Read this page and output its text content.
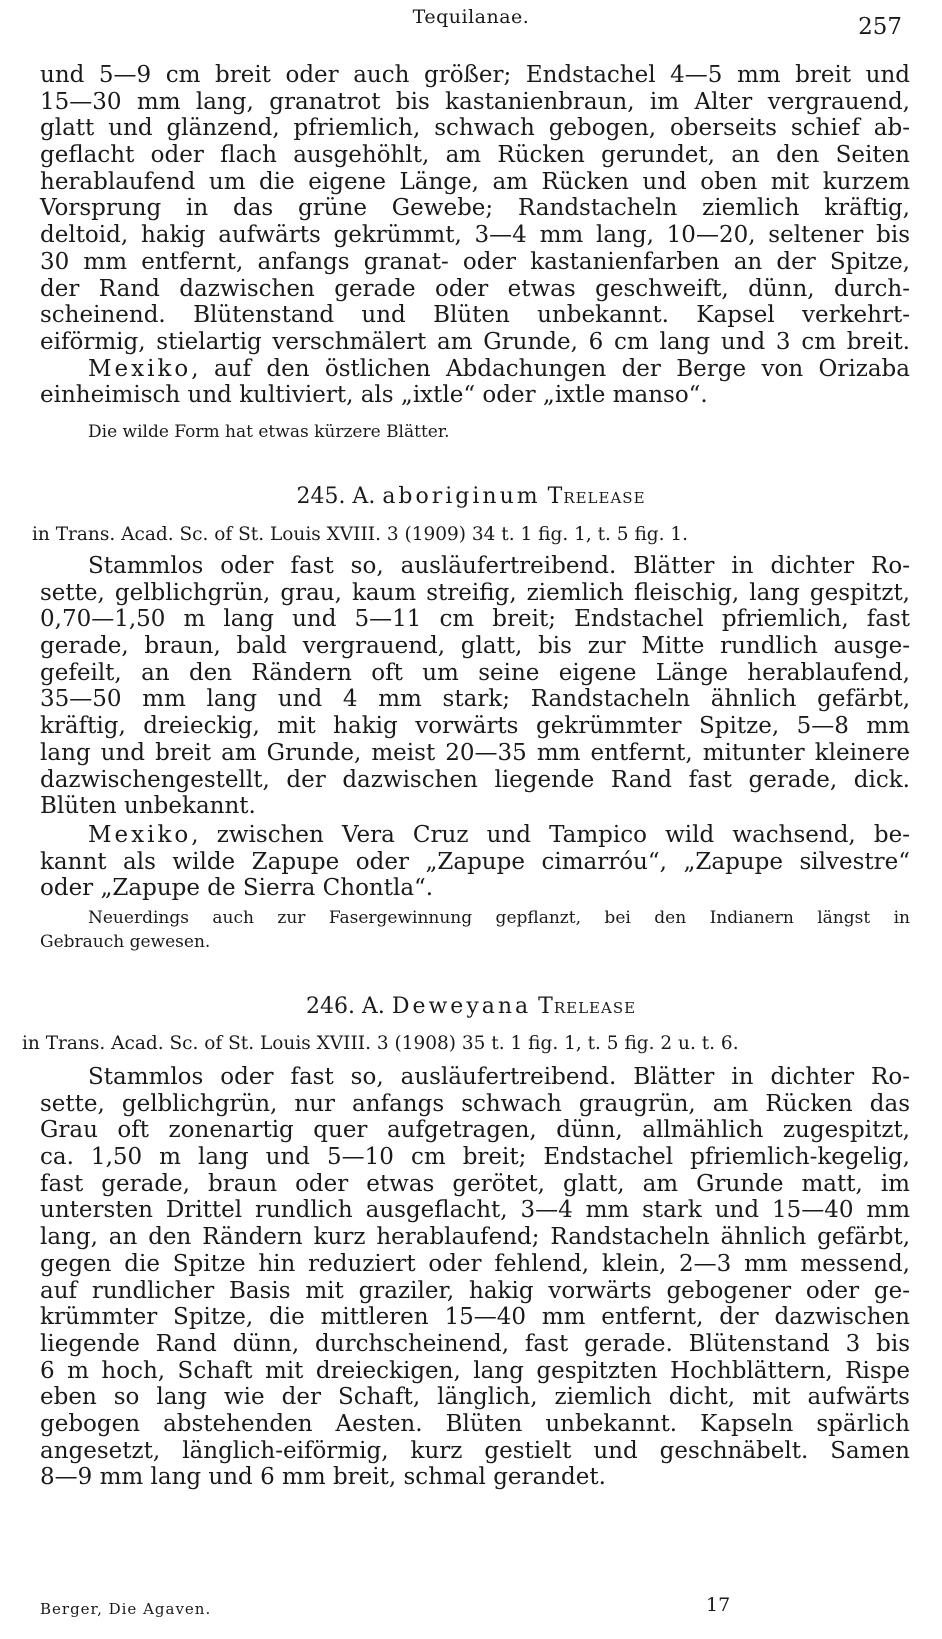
Tequilanae.	257
und 5—9 cm breit oder auch größer; Endstachel 4—5 mm breit und
15—30 mm lang, granatrot bis kastanienbraun, im Alter vergrauend,
glatt und glänzend, pfriemlich, schwach gebogen, oberseits schief ab-
geflacht oder flach ausgehöhlt, am Rücken gerundet, an den Seiten
herablaufend um die eigene Länge, am Rücken und oben mit kurzem
Vorsprung in das grüne Gewebe; Randstacheln ziemlich kräftig,
deltoid, hakig aufwärts gekrümmt, 3—4 mm lang, 10—20, seltener bis
30 mm entfernt, anfangs granat- oder kastanienfarben an der Spitze,
der Rand dazwischen gerade oder etwas geschweift, dünn, durch-
scheinend. Blütenstand und Blüten unbekannt. Kapsel verkehrt-
eiförmig, stielartig verschmälert am Grunde, 6 cm lang und 3 cm breit.
Mexiko, auf den östlichen Abdachungen der Berge von Orizaba
einheimisch und kultiviert, als „ixtle“ oder „ixtle manso“.
Die wilde Form hat etwas kürzere Blätter.
245. A. aboriginum Trelease
in Trans. Acad. Sc. of St. Louis XVIII. 3 (1909) 34 t. 1 fig. 1, t. 5 fig. 1.
Stammlos oder fast so, ausläufertreibend. Blätter in dichter Ro-
sette, gelblichgrün, grau, kaum streifig, ziemlich fleischig, lang gespitzt,
0,70—1,50 m lang und 5—11 cm breit; Endstachel pfriemlich, fast
gerade, braun, bald vergrauend, glatt, bis zur Mitte rundlich ausge-
gefeilt, an den Rändern oft um seine eigene Länge herablaufend,
35—50 mm lang und 4 mm stark; Randstacheln ähnlich gefärbt,
kräftig, dreieckig, mit hakig vorwärts gekrümmter Spitze, 5—8 mm
lang und breit am Grunde, meist 20—35 mm entfernt, mitunter kleinere
dazwischengestellt, der dazwischen liegende Rand fast gerade, dick.
Blüten unbekannt.
Mexiko, zwischen Vera Cruz und Tampico wild wachsend, be-
kannt als wilde Zapupe oder „Zapupe cimarróu“, „Zapupe silvestre“
oder „Zapupe de Sierra Chontla“.
Neuerdings auch zur Fasergewinnung gepflanzt, bei den Indianern längst in
Gebrauch gewesen.
246. A. Deweyana Trelease
in Trans. Acad. Sc. of St. Louis XVIII. 3 (1908) 35 t. 1 fig. 1, t. 5 fig. 2 u. t. 6.
Stammlos oder fast so, ausläufertreibend. Blätter in dichter Ro-
sette, gelblichgrün, nur anfangs schwach graugrün, am Rücken das
Grau oft zonenartig quer aufgetragen, dünn, allmählich zugespitzt,
ca. 1,50 m lang und 5—10 cm breit; Endstachel pfriemlich-kegelig,
fast gerade, braun oder etwas gerötet, glatt, am Grunde matt, im
untersten Drittel rundlich ausgeflacht, 3—4 mm stark und 15—40 mm
lang, an den Rändern kurz herablaufend; Randstacheln ähnlich gefärbt,
gegen die Spitze hin reduziert oder fehlend, klein, 2—3 mm messend,
auf rundlicher Basis mit graziler, hakig vorwärts gebogener oder ge-
krümmter Spitze, die mittleren 15—40 mm entfernt, der dazwischen
liegende Rand dünn, durchscheinend, fast gerade. Blütenstand 3 bis
6 m hoch, Schaft mit dreieckigen, lang gespitzten Hochblättern, Rispe
eben so lang wie der Schaft, länglich, ziemlich dicht, mit aufwärts
gebogen abstehenden Aesten. Blüten unbekannt. Kapseln spärlich
angesetzt, länglich-eiförmig, kurz gestielt und geschnäbelt. Samen
8—9 mm lang und 6 mm breit, schmal gerandet.
Berger, Die Agaven.	17
